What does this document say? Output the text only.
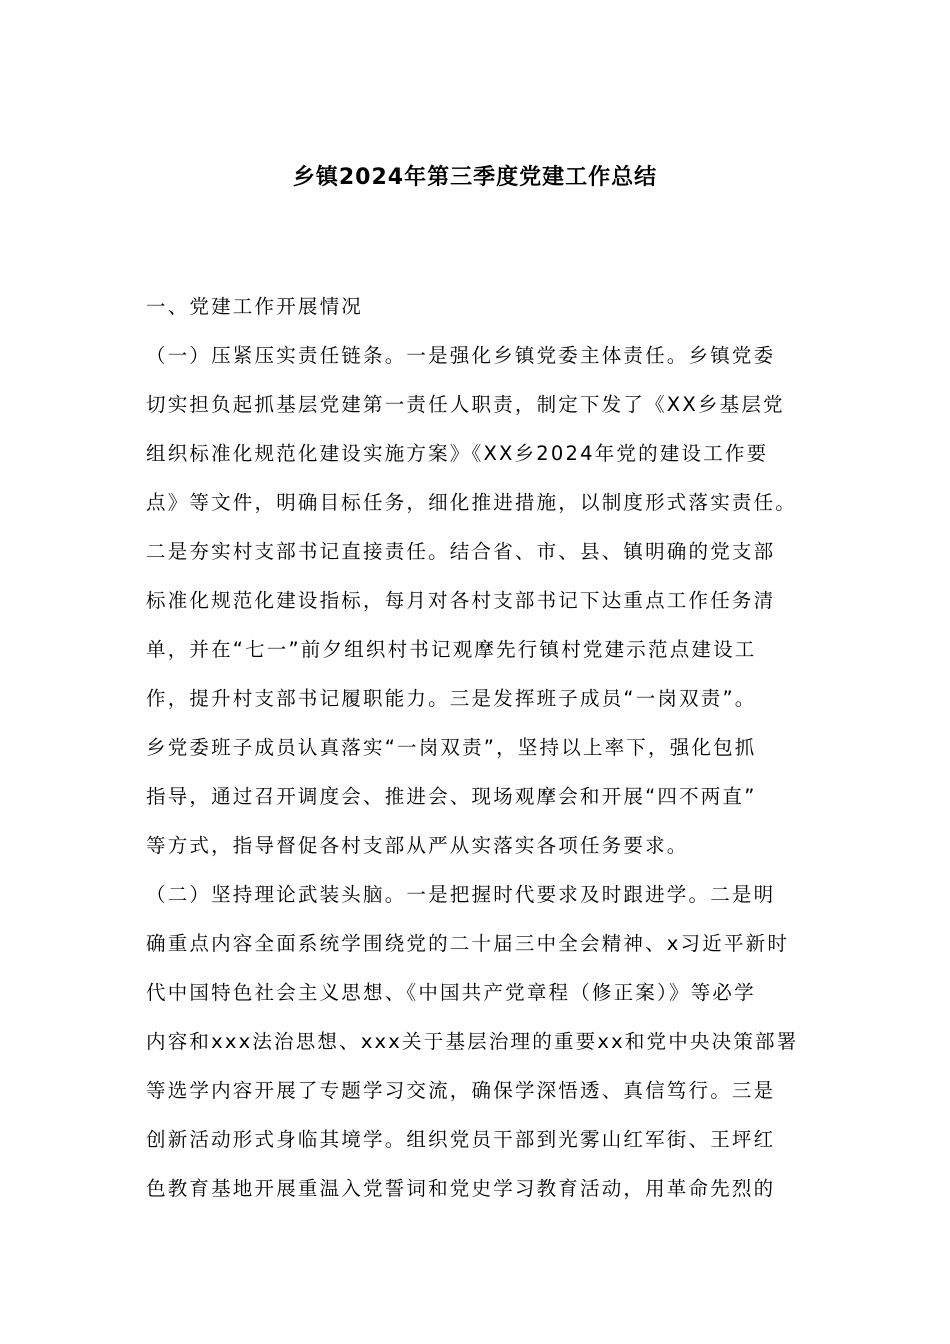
乡镇2024年第三季度党建工作总结
一、党建工作开展情况
（一）压紧压实责任链条。一是强化乡镇党委主体责任。乡镇党委
切实担负起抓基层党建第一责任人职责，制定下发了《XX乡基层党
组织标准化规范化建设实施方案》《XX乡2024年党的建设工作要
点》等文件，明确目标任务，细化推进措施，以制度形式落实责任。
二是夯实村支部书记直接责任。结合省、市、县、镇明确的党支部
标准化规范化建设指标，每月对各村支部书记下达重点工作任务清
单，并在“七一”前夕组织村书记观摩先行镇村党建示范点建设工
作，提升村支部书记履职能力。三是发挥班子成员“一岗双责”。
乡党委班子成员认真落实“一岗双责”，坚持以上率下，强化包抓
指导，通过召开调度会、推进会、现场观摩会和开展“四不两直”
等方式，指导督促各村支部从严从实落实各项任务要求。
（二）坚持理论武装头脑。一是把握时代要求及时跟进学。二是明
确重点内容全面系统学围绕党的二十届三中全会精神、x习近平新时
代中国特色社会主义思想、《中国共产党章程（修正案）》等必学
内容和xxx法治思想、xxx关于基层治理的重要xx和党中央决策部署
等选学内容开展了专题学习交流，确保学深悟透、真信笃行。三是
创新活动形式身临其境学。组织党员干部到光雾山红军街、王坪红
色教育基地开展重温入党誓词和党史学习教育活动，用革命先烈的
